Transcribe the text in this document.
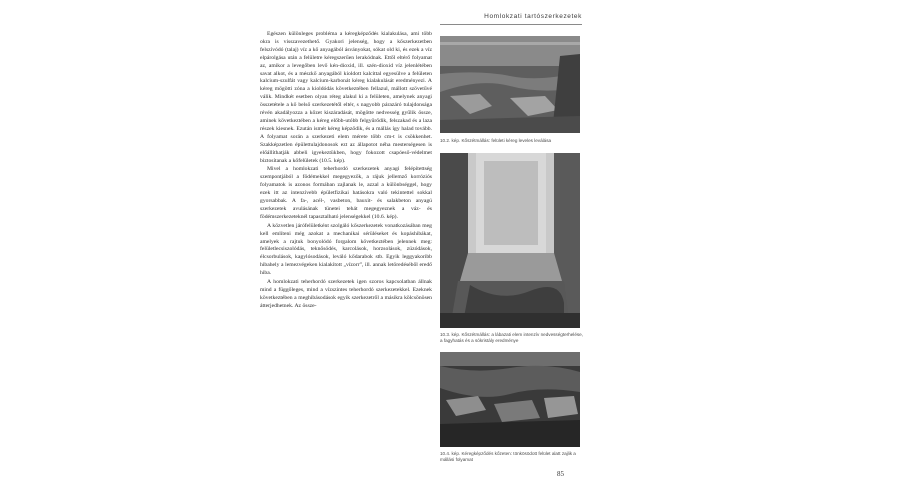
Homlokzati tartószerkezetek

Egészen különleges probléma a kéregképződés kialakulása, ami több okra is visszavezethető. Gyakori jelenség, hogy a kőszerkezetben felszívódó (talaj) víz a kő anyagából ásványokat, sókat old ki, és ezek a víz elpárolgása után a felületre kéregszerűen lerakódnak. Ettől eltérő folyamat az, amikor a levegőben levő kén-dioxid, ill. szén-dioxid víz jelenlétében savat alkot, és a mészkő anyagából kioldott kalcittal egyesülve a felületen kalcium-szulfát vagy kalcium-karbonát kéreg kialakulását eredményezi. A kéreg mögötti zóna a kioldódás következtében fellazul, mállott szövetűvé válik. Mindkét esetben olyan réteg alakul ki a felületen, amelynek anyagi összetétele a kő belső szerkezetétől eltér, s nagyobb párazáró tulajdonsága révén akadályozza a kőzet kiszáradását, mögötte nedvesség gyűlik össze, aminek következtében a kéreg előbb-utóbb felgyűrődik, felszakad és a laza részek kiesnek. Ezután ismét kéreg képződik, és a mállás így halad tovább. A folyamat során a szerkezeti elem mérete több cm-t is csökkenhet. Szakképzetlen épülettulajdonosok ezt az állapotot néha mesterségesen is előállíthatják abbeli igyekeztükben, hogy fokozott csapóeső-védelmet biztosítanak a kőfelületek (10.5. kép).

Mivel a homlokzati teherhordó szerkezetek anyagi felépítettség szempontjából a födémekkel megegyezők, a rájuk jellemző korróziós folyamatok is azonos formában zajlanak le, azzal a különbséggel, hogy ezek itt az intenzívebb épületfizikai hatásokra való tekintettel sokkal gyorsabbak. A fa-, acél-, vasbeton, bauxit- és salakbeton anyagú szerkezetek avulásának tünetei tehát megegyeznek a váz- és födémszerkezeteknél tapasztalható jelenségekkel (10.6. kép).

A közvetlen járófelületként szolgáló kőszerkezetek vonatkozásában meg kell említeni még azokat a mechanikai sérüléseket és kopáshibákat, amelyek a rajtuk bonyolódó forgalom következtében jelennek meg: felületlecsiszolódás, teknősödés, karcolások, horzsolások, zúzódások, élcsorbulások, kagylósodások, leváló kődarabok stb. Egyik leggyakoribb hibahely a lemezvégeken kialakított „vízorr”, ill. annak letöredéséből eredő hiba.

A homlokzati teherhordó szerkezetek igen szoros kapcsolatban állnak mind a függőleges, mind a vízszintes teherhordó szerkezetekkel. Ezeknek következtében a meghibásodások egyik szerkezetről a másikra kölcsönösen átterjedhetnek. Az össze-

10.2. kép. Kőszétmállás: felületi kéreg leveles leválása
10.3. kép. Kőszétmállás: a lábazati elem intenzív nedvességterhelése, a fagyhatás és a sókristály eredménye
10.4. kép. Kéregképződés kőzeten: tönkösödott felület alatt zajlik a mállási folyamat
85
